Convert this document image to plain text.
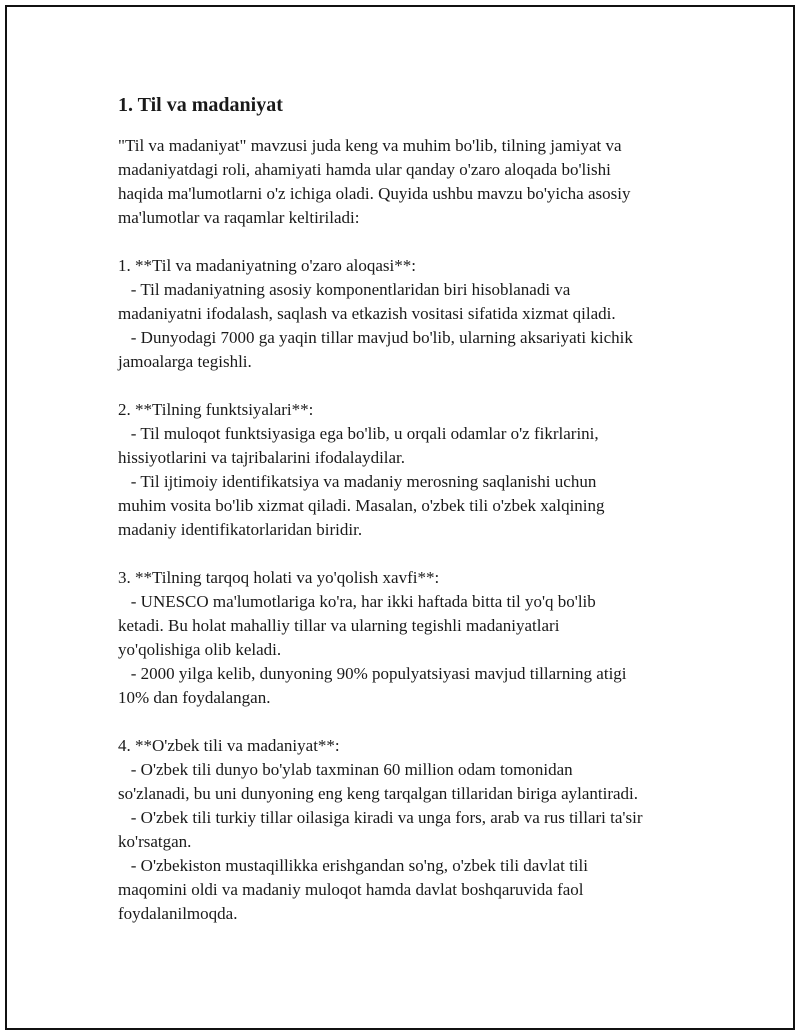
1. Til va madaniyat

"Til va madaniyat" mavzusi juda keng va muhim bo'lib, tilning jamiyat va
madaniyatdagi roli, ahamiyati hamda ular qanday o'zaro aloqada bo'lishi
haqida ma'lumotlarni o'z ichiga oladi. Quyida ushbu mavzu bo'yicha asosiy
ma'lumotlar va raqamlar keltiriladi:

1. **Til va madaniyatning o'zaro aloqasi**:
- Til madaniyatning asosiy komponentlaridan biri hisoblanadi va
madaniyatni ifodalash, saqlash va etkazish vositasi sifatida xizmat qiladi.
- Dunyodagi 7000 ga yaqin tillar mavjud bo'lib, ularning aksariyati kichik
jamoalarga tegishli.
2. **Tilning funktsiyalari**:
- Til muloqot funktsiyasiga ega bo'lib, u orqali odamlar o'z fikrlarini,
hissiyotlarini va tajribalarini ifodalaydilar.
- Til ijtimoiy identifikatsiya va madaniy merosning saqlanishi uchun
muhim vosita bo'lib xizmat qiladi. Masalan, o'zbek tili o'zbek xalqining
madaniy identifikatorlaridan biridir.
3. **Tilning tarqoq holati va yo'qolish xavfi**:
- UNESCO ma'lumotlariga ko'ra, har ikki haftada bitta til yo'q bo'lib
ketadi. Bu holat mahalliy tillar va ularning tegishli madaniyatlari
yo'qolishiga olib keladi.
- 2000 yilga kelib, dunyoning 90% populyatsiyasi mavjud tillarning atigi
10% dan foydalangan.
4. **O'zbek tili va madaniyat**:
- O'zbek tili dunyo bo'ylab taxminan 60 million odam tomonidan
so'zlanadi, bu uni dunyoning eng keng tarqalgan tillaridan biriga aylantiradi.
- O'zbek tili turkiy tillar oilasiga kiradi va unga fors, arab va rus tillari ta'sir
ko'rsatgan.
- O'zbekiston mustaqillikka erishgandan so'ng, o'zbek tili davlat tili
maqomini oldi va madaniy muloqot hamda davlat boshqaruvida faol
foydalanilmoqda.
